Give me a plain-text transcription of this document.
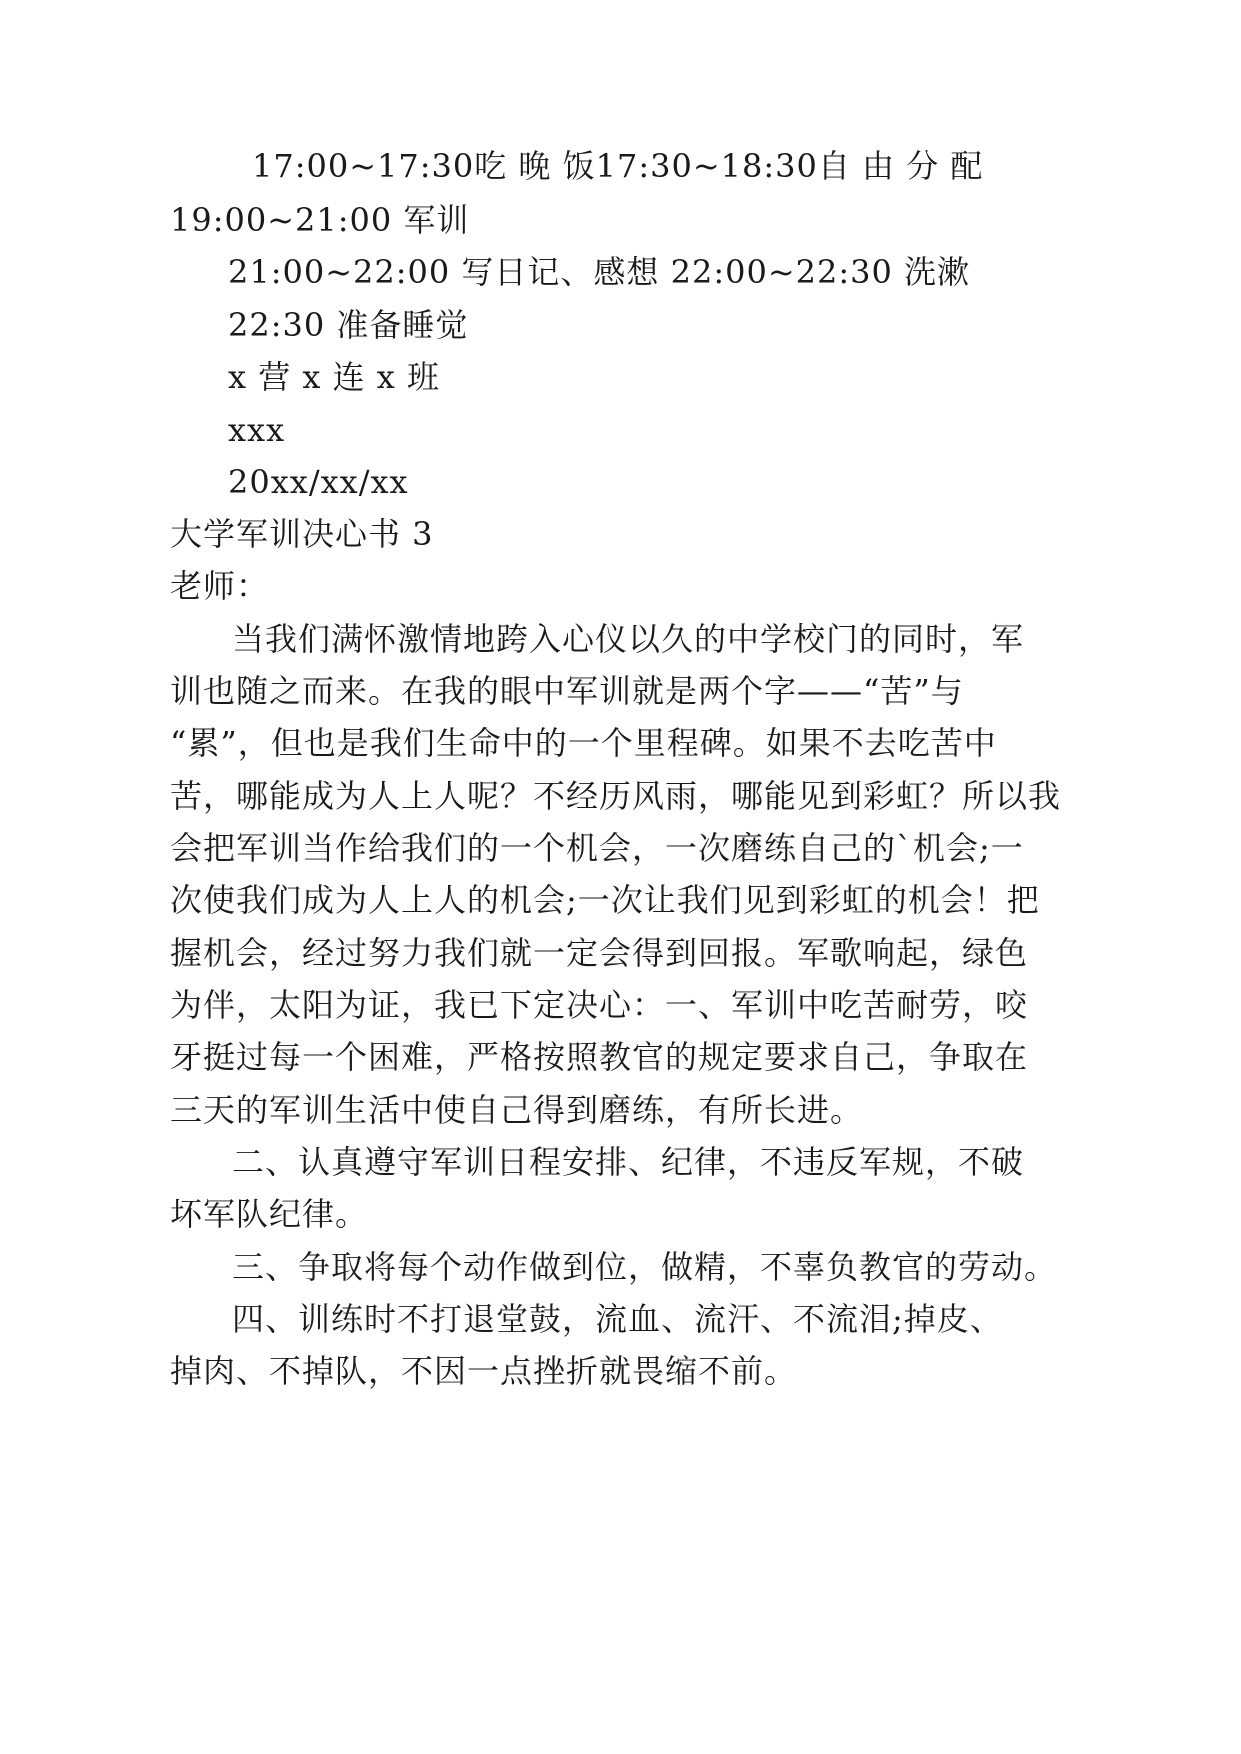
17:00~17:30 吃 晚 饭 17:30~18:30 自 由 分 配
19:00~21:00 军训
21:00~22:00 写日记、感想 22:00~22:30 洗漱
22:30 准备睡觉
x 营 x 连 x 班
xxx
20xx/xx/xx
大学军训决心书 3
老师：
当我们满怀激情地跨入心仪以久的中学校门的同时，军
训也随之而来。在我的眼中军训就是两个字——“苦”与
“累”，但也是我们生命中的一个里程碑。如果不去吃苦中
苦，哪能成为人上人呢？不经历风雨，哪能见到彩虹？所以我
会把军训当作给我们的一个机会，一次磨练自己的`机会;一
次使我们成为人上人的机会;一次让我们见到彩虹的机会！把
握机会，经过努力我们就一定会得到回报。军歌响起，绿色
为伴，太阳为证，我已下定决心：一、军训中吃苦耐劳，咬
牙挺过每一个困难，严格按照教官的规定要求自己，争取在
三天的军训生活中使自己得到磨练，有所长进。
二、认真遵守军训日程安排、纪律，不违反军规，不破
坏军队纪律。
三、争取将每个动作做到位，做精，不辜负教官的劳动。
四、训练时不打退堂鼓，流血、流汗、不流泪;掉皮、
掉肉、不掉队，不因一点挫折就畏缩不前。
